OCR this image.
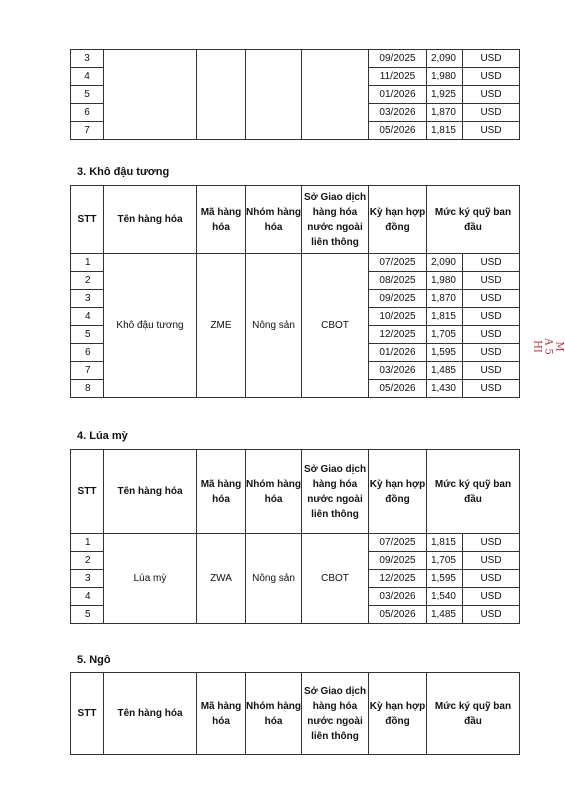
3					09/2025	2,090	USD
4					11/2025	1,980	USD
5					01/2026	1,925	USD
6					03/2026	1,870	USD
7					05/2026	1,815	USD
3. Khô đậu tương
STT	Tên hàng hóa	Mã hàng hóa	Nhóm hàng hóa	Sở Giao dịch hàng hóa nước ngoài liên thông	Kỳ hạn hợp đồng	Mức ký quỹ ban đầu	
1	Khô đậu tương	ZME	Nông sản	CBOT	07/2025	2,090	USD
2					08/2025	1,980	USD
3					09/2025	1,870	USD
4					10/2025	1,815	USD
5					12/2025	1,705	USD
6					01/2026	1,595	USD
7					03/2026	1,485	USD
8					05/2026	1,430	USD
4. Lúa mỳ
STT	Tên hàng hóa	Mã hàng hóa	Nhóm hàng hóa	Sở Giao dịch hàng hóa nước ngoài liên thông	Kỳ hạn hợp đồng	Mức ký quỹ ban đầu	
1	Lúa mỳ	ZWA	Nông sản	CBOT	07/2025	1,815	USD
2					09/2025	1,705	USD
3					12/2025	1,595	USD
4					03/2026	1,540	USD
5					05/2026	1,485	USD
5. Ngô
STT	Tên hàng hóa	Mã hàng hóa	Nhóm hàng hóa	Sở Giao dịch hàng hóa nước ngoài liên thông	Kỳ hạn hợp đồng	Mức ký quỹ ban đầu
M A 5 HI
